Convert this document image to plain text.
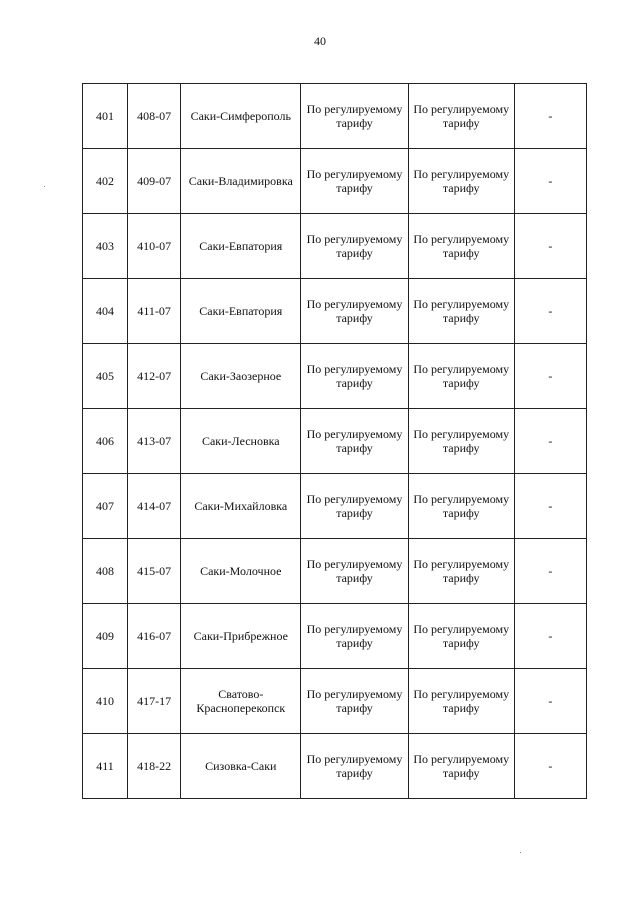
40
401	408-07	Саки-Симферополь	По регулируемому тарифу	По регулируемому тарифу	-
402	409-07	Саки-Владимировка	По регулируемому тарифу	По регулируемому тарифу	-
403	410-07	Саки-Евпатория	По регулируемому тарифу	По регулируемому тарифу	-
404	411-07	Саки-Евпатория	По регулируемому тарифу	По регулируемому тарифу	-
405	412-07	Саки-Заозерное	По регулируемому тарифу	По регулируемому тарифу	-
406	413-07	Саки-Лесновка	По регулируемому тарифу	По регулируемому тарифу	-
407	414-07	Саки-Михайловка	По регулируемому тарифу	По регулируемому тарифу	-
408	415-07	Саки-Молочное	По регулируемому тарифу	По регулируемому тарифу	-
409	416-07	Саки-Прибрежное	По регулируемому тарифу	По регулируемому тарифу	-
410	417-17	Сватово-Красноперекопск	По регулируемому тарифу	По регулируемому тарифу	-
411	418-22	Сизовка-Саки	По регулируемому тарифу	По регулируемому тарифу	-
